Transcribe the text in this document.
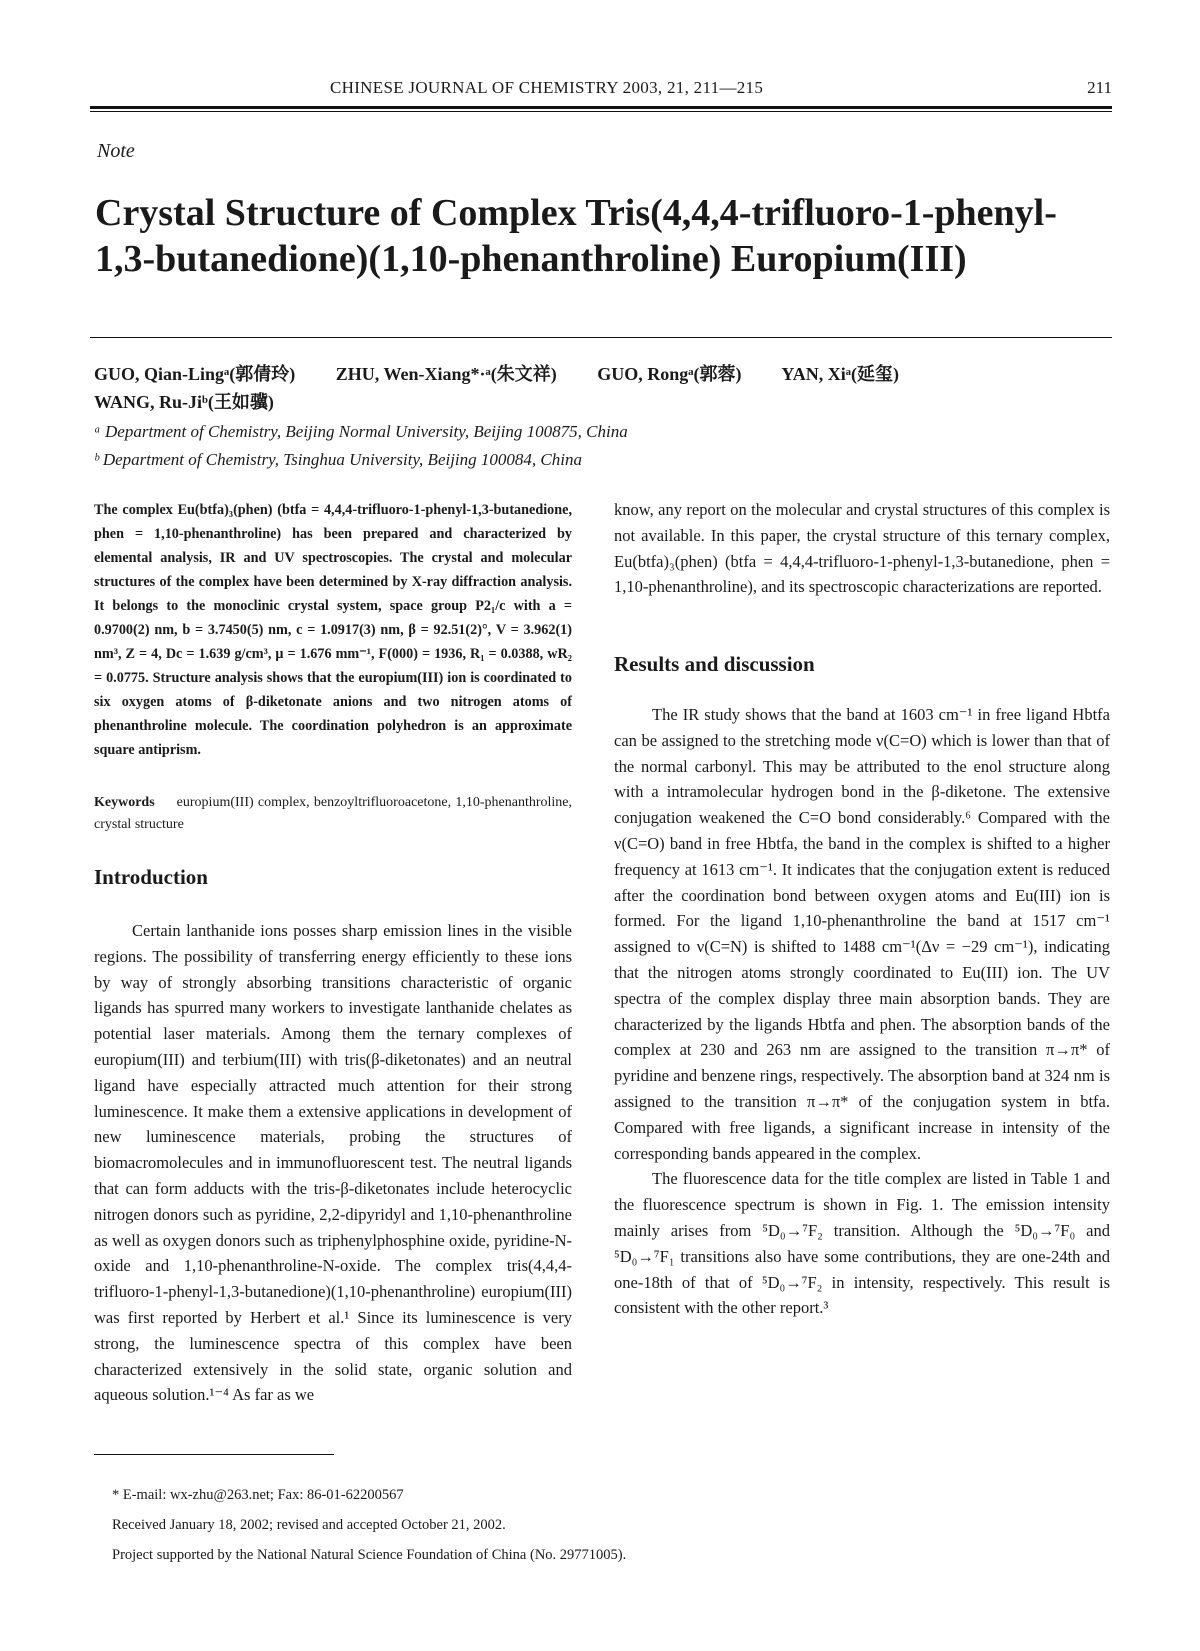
CHINESE JOURNAL OF CHEMISTRY 2003, 21, 211—215	211
Note
Crystal Structure of Complex Tris(4,4,4-trifluoro-1-phenyl-1,3-butanedione)(1,10-phenanthroline) Europium(III)
GUO, Qian-Lingᵃ(郭倩玲) ZHU, Wen-Xiang*·ᵃ(朱文祥) GUO, Rongᵃ(郭蓉) YAN, Xiᵃ(延玺)
WANG, Ru-Jiᵇ(王如骥)
ᵃ Department of Chemistry, Beijing Normal University, Beijing 100875, China
ᵇ Department of Chemistry, Tsinghua University, Beijing 100084, China
The complex Eu(btfa)₃(phen) (btfa = 4,4,4-trifluoro-1-phenyl-1,3-butanedione, phen = 1,10-phenanthroline) has been prepared and characterized by elemental analysis, IR and UV spectroscopies. The crystal and molecular structures of the complex have been determined by X-ray diffraction analysis. It belongs to the monoclinic crystal system, space group P2₁/c with a = 0.9700(2) nm, b = 3.7450(5) nm, c = 1.0917(3) nm, β = 92.51(2)°, V = 3.962(1) nm³, Z = 4, Dc = 1.639 g/cm³, μ = 1.676 mm⁻¹, F(000) = 1936, R₁ = 0.0388, wR₂ = 0.0775. Structure analysis shows that the europium(III) ion is coordinated to six oxygen atoms of β-diketonate anions and two nitrogen atoms of phenanthroline molecule. The coordination polyhedron is an approximate square antiprism.
Keywords europium(III) complex, benzoyltrifluoroacetone, 1,10-phenanthroline, crystal structure
Introduction

Certain lanthanide ions posses sharp emission lines in the visible regions. The possibility of transferring energy efficiently to these ions by way of strongly absorbing transitions characteristic of organic ligands has spurred many workers to investigate lanthanide chelates as potential laser materials. Among them the ternary complexes of europium(III) and terbium(III) with tris(β-diketonates) and an neutral ligand have especially attracted much attention for their strong luminescence. It make them a extensive applications in development of new luminescence materials, probing the structures of biomacromolecules and in immunofluorescent test. The neutral ligands that can form adducts with the tris-β-diketonates include heterocyclic nitrogen donors such as pyridine, 2,2-dipyridyl and 1,10-phenanthroline as well as oxygen donors such as triphenylphosphine oxide, pyridine-N-oxide and 1,10-phenanthroline-N-oxide. The complex tris(4,4,4-trifluoro-1-phenyl-1,3-butanedione)(1,10-phenanthroline) europium(III) was first reported by Herbert et al.¹ Since its luminescence is very strong, the luminescence spectra of this complex have been characterized extensively in the solid state, organic solution and aqueous solution.¹⁻⁴ As far as we

know, any report on the molecular and crystal structures of this complex is not available. In this paper, the crystal structure of this ternary complex, Eu(btfa)₃(phen) (btfa = 4,4,4-trifluoro-1-phenyl-1,3-butanedione, phen = 1,10-phenanthroline), and its spectroscopic characterizations are reported.

Results and discussion

The IR study shows that the band at 1603 cm⁻¹ in free ligand Hbtfa can be assigned to the stretching mode ν(C=O) which is lower than that of the normal carbonyl. This may be attributed to the enol structure along with a intramolecular hydrogen bond in the β-diketone. The extensive conjugation weakened the C=O bond considerably.⁶ Compared with the ν(C=O) band in free Hbtfa, the band in the complex is shifted to a higher frequency at 1613 cm⁻¹. It indicates that the conjugation extent is reduced after the coordination bond between oxygen atoms and Eu(III) ion is formed. For the ligand 1,10-phenanthroline the band at 1517 cm⁻¹ assigned to ν(C=N) is shifted to 1488 cm⁻¹(Δν = −29 cm⁻¹), indicating that the nitrogen atoms strongly coordinated to Eu(III) ion. The UV spectra of the complex display three main absorption bands. They are characterized by the ligands Hbtfa and phen. The absorption bands of the complex at 230 and 263 nm are assigned to the transition π→π* of pyridine and benzene rings, respectively. The absorption band at 324 nm is assigned to the transition π→π* of the conjugation system in btfa. Compared with free ligands, a significant increase in intensity of the corresponding bands appeared in the complex.

The fluorescence data for the title complex are listed in Table 1 and the fluorescence spectrum is shown in Fig. 1. The emission intensity mainly arises from ⁵D₀→⁷F₂ transition. Although the ⁵D₀→⁷F₀ and ⁵D₀→⁷F₁ transitions also have some contributions, they are one-24th and one-18th of that of ⁵D₀→⁷F₂ in intensity, respectively. This result is consistent with the other report.³

* E-mail: wx-zhu@263.net; Fax: 86-01-62200567
Received January 18, 2002; revised and accepted October 21, 2002.
Project supported by the National Natural Science Foundation of China (No. 29771005).
